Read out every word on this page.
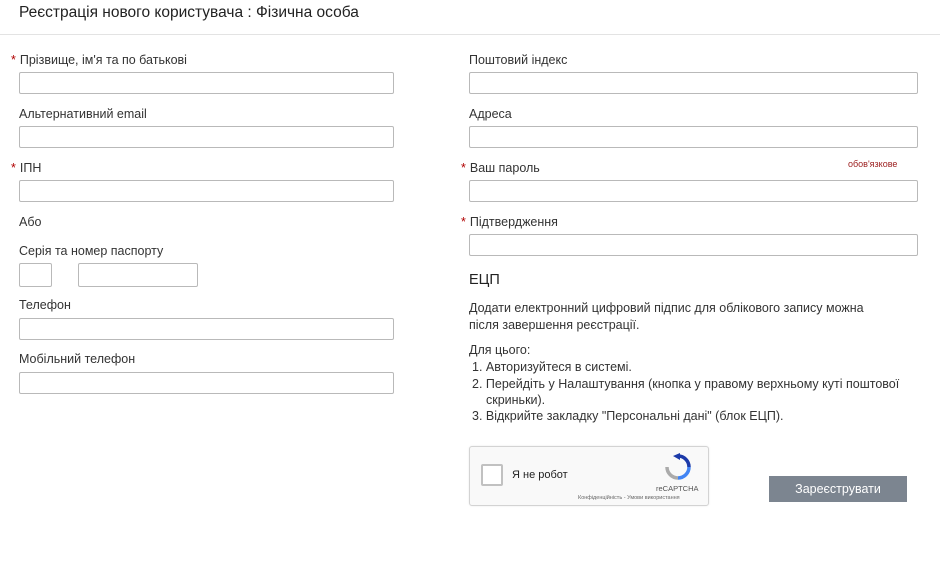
Реєстрація нового користувача : Фізична особа
* Прізвище, ім'я та по батькові
Альтернативний email
* ІПН
Або
Серія та номер паспорту
Телефон
Мобільний телефон
Поштовий індекс
Адреса
* Ваш пароль	обов'язкове
* Підтвердження
ЕЦП
Додати електронний цифровий підпис для облікового запису можна
після завершення реєстрації.
Для цього:
1. Авторизуйтеся в системі.
2. Перейдіть у Налаштування (кнопка у правому верхньому куті поштової
скриньки).
3. Відкрийте закладку "Персональні дані" (блок ЕЦП).
Я не робот
reCAPTCHA
Конфіденційність - Умови використання
Зареєструвати
